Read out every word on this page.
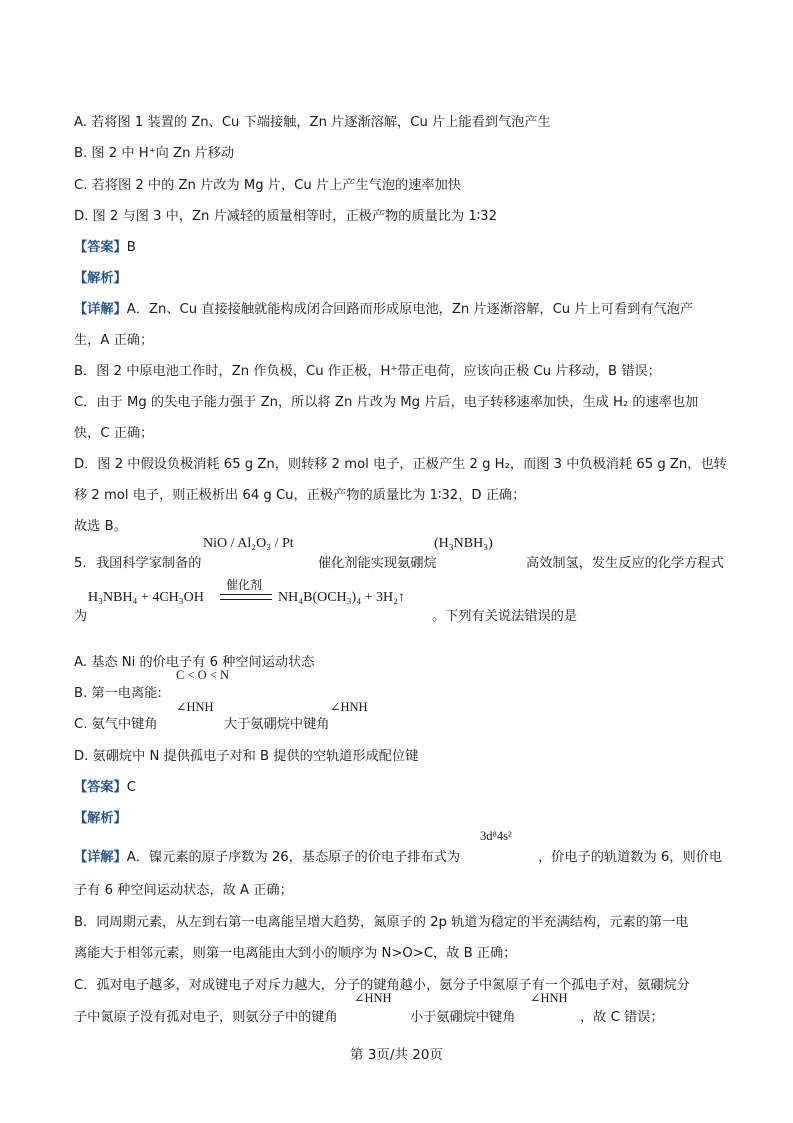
A. 若将图 1 装置的 Zn、Cu 下端接触，Zn 片逐渐溶解，Cu 片上能看到气泡产生
B. 图 2 中 H⁺向 Zn 片移动
C. 若将图 2 中的 Zn 片改为 Mg 片，Cu 片上产生气泡的速率加快
D. 图 2 与图 3 中，Zn 片减轻的质量相等时，正极产物的质量比为 1∶32
【答案】B
【解析】
【详解】A．Zn、Cu 直接接触就能构成闭合回路而形成原电池，Zn 片逐渐溶解，Cu 片上可看到有气泡产
生，A 正确；
B．图 2 中原电池工作时，Zn 作负极，Cu 作正极，H⁺带正电荷，应该向正极 Cu 片移动，B 错误；
C．由于 Mg 的失电子能力强于 Zn，所以将 Zn 片改为 Mg 片后，电子转移速率加快，生成 H₂ 的速率也加
快，C 正确；
D．图 2 中假设负极消耗 65 g Zn，则转移 2 mol 电子，正极产生 2 g H₂，而图 3 中负极消耗 65 g Zn，也转
移 2 mol 电子，则正极析出 64 g Cu，正极产物的质量比为 1∶32，D 正确；
故选 B。
5. 我国科学家制备的
NiO / Al₂O₃ / Pt
催化剂能实现氨硼烷
(H₃NBH₃)
高效制氢，发生反应的化学方程式
为
H₃NBH₄ + 4CH₃OH
催化剂
NH₄B(OCH₃)₄ + 3H₂↑
。下列有关说法错误的是
A. 基态 Ni 的价电子有 6 种空间运动状态
C < O < N
B. 第一电离能:
C. 氨气中键角
∠HNH
大于氨硼烷中键角
∠HNH
D. 氨硼烷中 N 提供孤电子对和 B 提供的空轨道形成配位键
【答案】C
【解析】
【详解】A．镍元素的原子序数为 26，基态原子的价电子排布式为
3d⁸4s²
，价电子的轨道数为 6，则价电
子有 6 种空间运动状态，故 A 正确；
B．同周期元素，从左到右第一电离能呈增大趋势，氮原子的 2p 轨道为稳定的半充满结构，元素的第一电
离能大于相邻元素，则第一电离能由大到小的顺序为 N>O>C，故 B 正确；
C．孤对电子越多，对成键电子对斥力越大，分子的键角越小，氨分子中氮原子有一个孤电子对，氨硼烷分
子中氮原子没有孤对电子，则氨分子中的键角
∠HNH
小于氨硼烷中键角
∠HNH
，故 C 错误；
第 3页/共 20页
